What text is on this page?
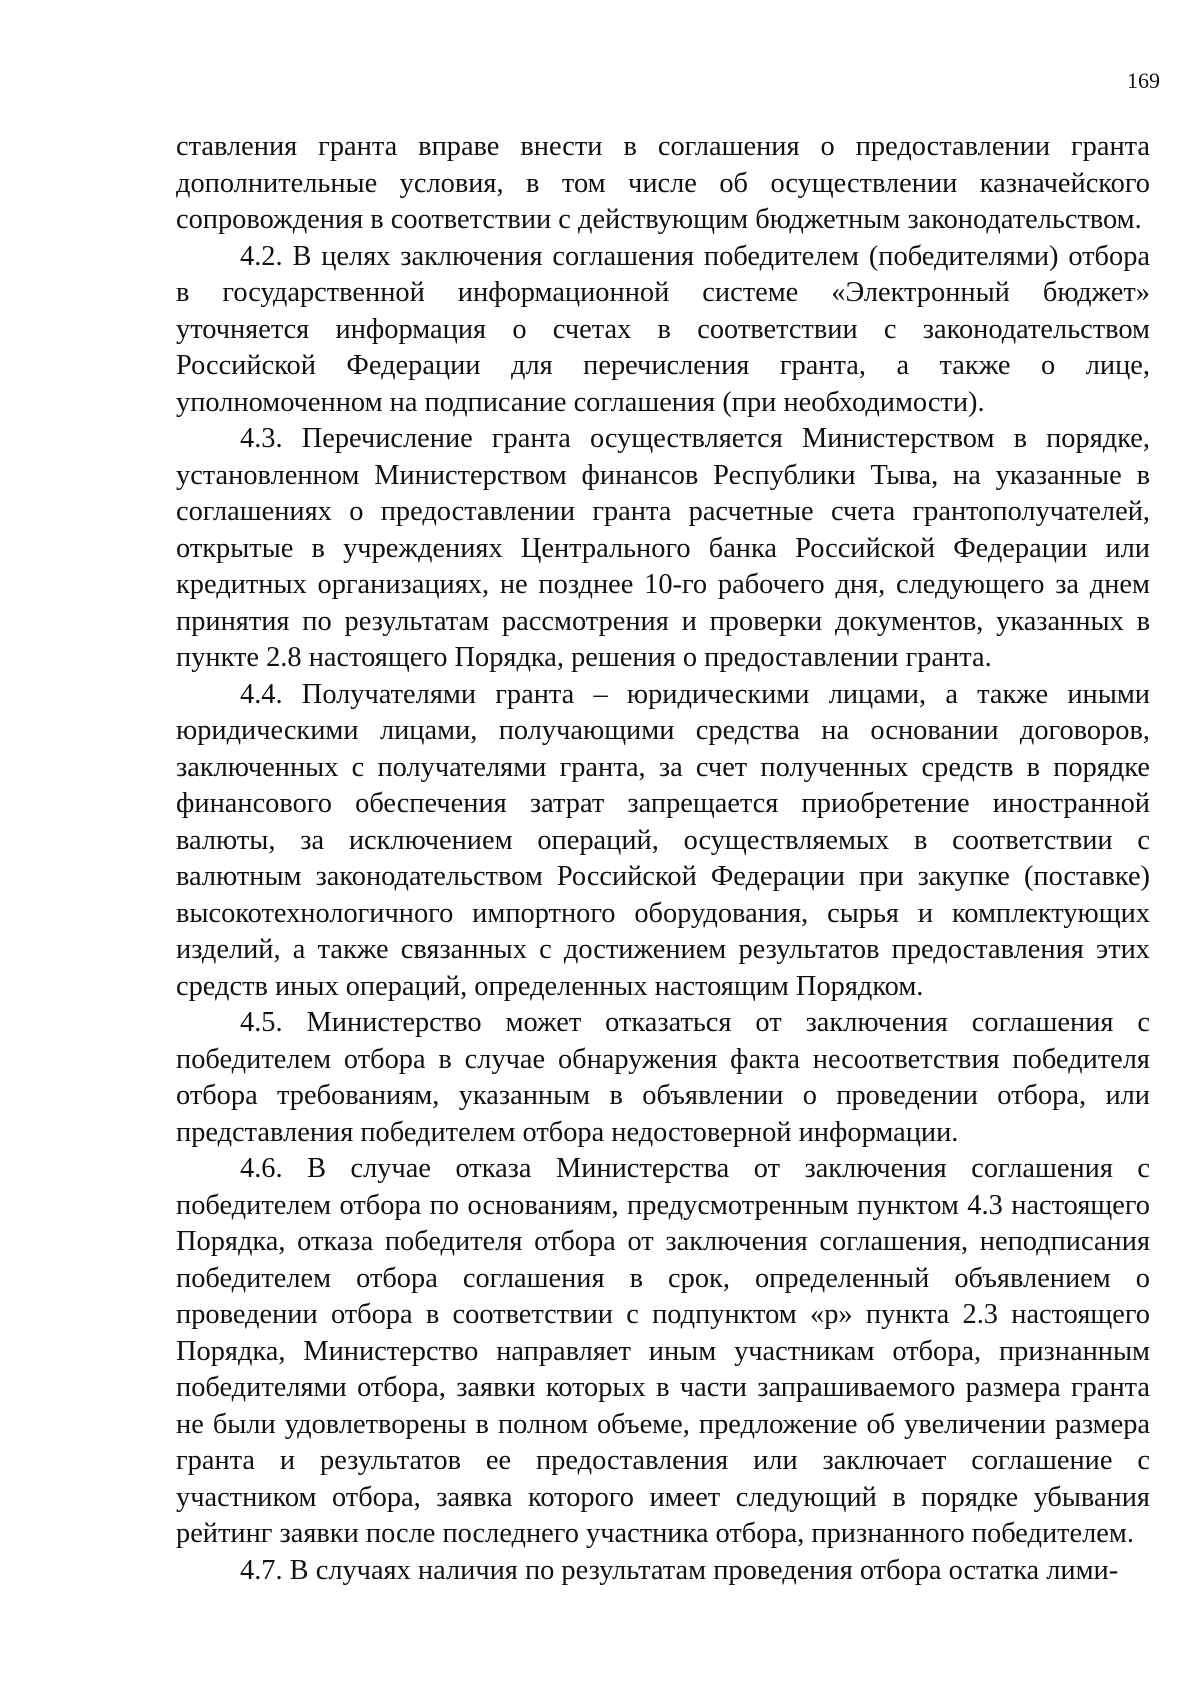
169

ставления гранта вправе внести в соглашения о предоставлении гранта дополнительные условия, в том числе об осуществлении казначейского сопровождения в соответствии с действующим бюджетным законодательством.

4.2. В целях заключения соглашения победителем (победителями) отбора в государственной информационной системе «Электронный бюджет» уточняется информация о счетах в соответствии с законодательством Российской Федерации для перечисления гранта, а также о лице, уполномоченном на подписание соглашения (при необходимости).

4.3. Перечисление гранта осуществляется Министерством в порядке, установленном Министерством финансов Республики Тыва, на указанные в соглашениях о предоставлении гранта расчетные счета грантополучателей, открытые в учреждениях Центрального банка Российской Федерации или кредитных организациях, не позднее 10-го рабочего дня, следующего за днем принятия по результатам рассмотрения и проверки документов, указанных в пункте 2.8 настоящего Порядка, решения о предоставлении гранта.

4.4. Получателями гранта – юридическими лицами, а также иными юридическими лицами, получающими средства на основании договоров, заключенных с получателями гранта, за счет полученных средств в порядке финансового обеспечения затрат запрещается приобретение иностранной валюты, за исключением операций, осуществляемых в соответствии с валютным законодательством Российской Федерации при закупке (поставке) высокотехнологичного импортного оборудования, сырья и комплектующих изделий, а также связанных с достижением результатов предоставления этих средств иных операций, определенных настоящим Порядком.

4.5. Министерство может отказаться от заключения соглашения с победителем отбора в случае обнаружения факта несоответствия победителя отбора требованиям, указанным в объявлении о проведении отбора, или представления победителем отбора недостоверной информации.

4.6. В случае отказа Министерства от заключения соглашения с победителем отбора по основаниям, предусмотренным пунктом 4.3 настоящего Порядка, отказа победителя отбора от заключения соглашения, неподписания победителем отбора соглашения в срок, определенный объявлением о проведении отбора в соответствии с подпунктом «р» пункта 2.3 настоящего Порядка, Министерство направляет иным участникам отбора, признанным победителями отбора, заявки которых в части запрашиваемого размера гранта не были удовлетворены в полном объеме, предложение об увеличении размера гранта и результатов ее предоставления или заключает соглашение с участником отбора, заявка которого имеет следующий в порядке убывания рейтинг заявки после последнего участника отбора, признанного победителем.

4.7. В случаях наличия по результатам проведения отбора остатка лими-
